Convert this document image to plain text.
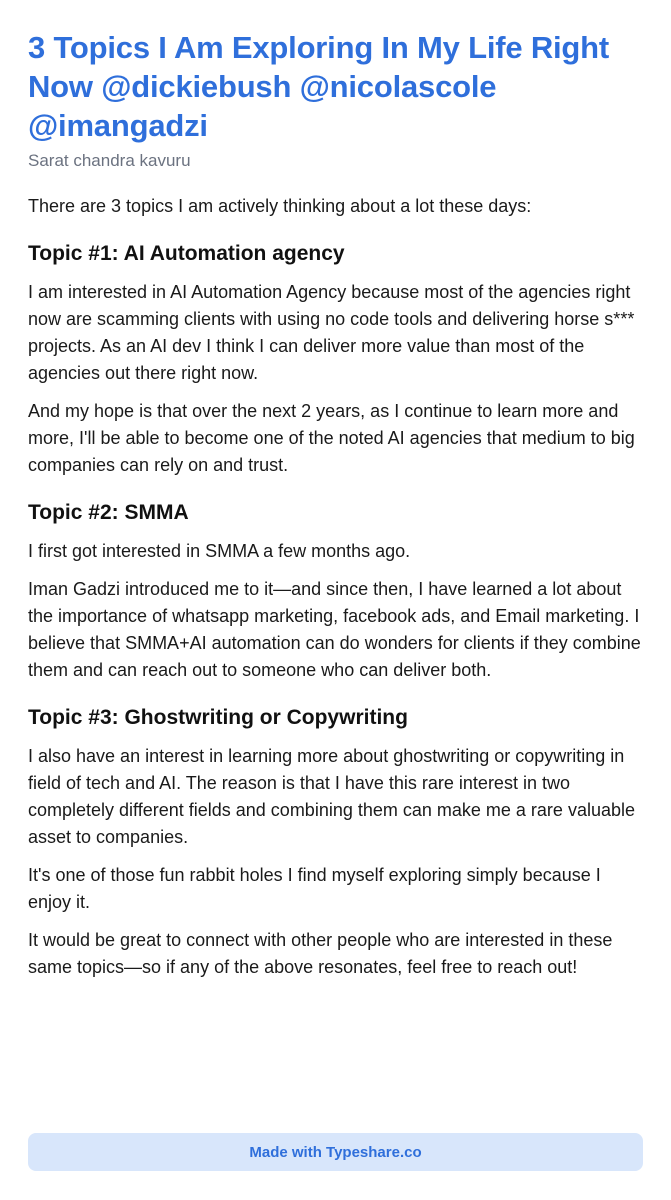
3 Topics I Am Exploring In My Life Right Now @dickiebush @nicolascole @imangadzi
Sarat chandra kavuru

There are 3 topics I am actively thinking about a lot these days:

Topic #1: AI Automation agency

I am interested in AI Automation Agency because most of the agencies right now are scamming clients with using no code tools and delivering horse s*** projects. As an AI dev I think I can deliver more value than most of the agencies out there right now.

And my hope is that over the next 2 years, as I continue to learn more and more, I'll be able to become one of the noted AI agencies that medium to big companies can rely on and trust.

Topic #2: SMMA

I first got interested in SMMA a few months ago.

Iman Gadzi introduced me to it—and since then, I have learned a lot about the importance of whatsapp marketing, facebook ads, and Email marketing. I believe that SMMA+AI automation can do wonders for clients if they combine them and can reach out to someone who can deliver both.

Topic #3: Ghostwriting or Copywriting

I also have an interest in learning more about ghostwriting or copywriting in field of tech and AI. The reason is that I have this rare interest in two completely different fields and combining them can make me a rare valuable asset to companies.

It's one of those fun rabbit holes I find myself exploring simply because I enjoy it.

It would be great to connect with other people who are interested in these same topics—so if any of the above resonates, feel free to reach out!

Made with Typeshare.co
